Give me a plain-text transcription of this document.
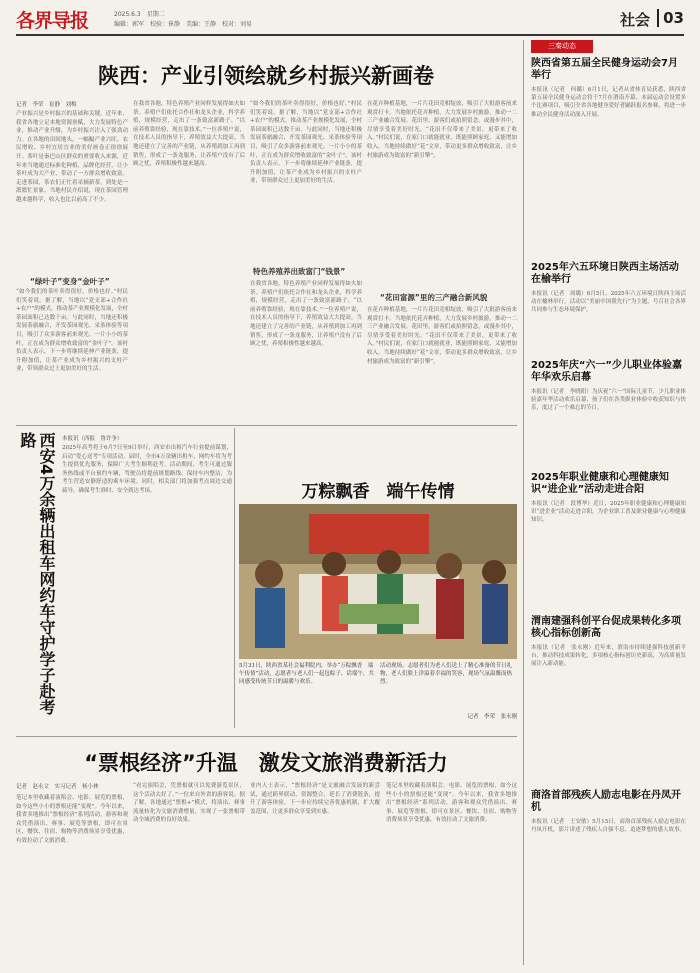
各界导报	2025.6.3　星期二
编辑：郭军　校验：崔静　美编：王静　校对：刘易	社会 03
陕西：产业引领绘就乡村振兴新画卷
记者　李荣　崔静　刘梅
产业振兴是乡村振兴的基础和关键。近年来，我省各地立足本地资源禀赋，大力发展特色产业，推动产业升级，为乡村振兴注入了强劲动力。在各地的田间地头，一幅幅产业兴旺、农民增收、乡村宜居宜业的美好画卷正徐徐展开。茶叶是秦巴山区群众的重要收入来源，近年来当地通过标准化种植、品牌化经营，让小茶叶成为大产业，带动了一方群众增收致富。走进茶园，茶农们正忙着采摘新茶，到处是一派繁忙景象。当地村民介绍说，现在茶园管理越来越科学，收入也比以前高了不少。
“绿叶子”变身“金叶子”
“如今我们的茶叶卖得很好，价格也好。”村民们笑着说。据了解，当地以“党支部+合作社+农户”的模式，推动茶产业规模化发展，全村茶园面积已达数千亩。与此同时，当地还积极发展茶旅融合，开发茶园观光、采茶体验等项目，吸引了众多游客前来观光。一片小小的茶叶，正在成为群众增收致富的“金叶子”。该村负责人表示，下一步将继续延伸产业链条，提升附加值，让茶产业成为乡村振兴的支柱产业，带领群众过上更加美好的生活。
在我省各地，特色养殖产业同样发展得如火如荼。养殖户们依托合作社和龙头企业，科学养殖，规模经营，走出了一条致富新路子。“以前养殖靠经验，现在靠技术。”一位养殖户说，在技术人员的指导下，养殖效益大大提高。当地还建立了完善的产业链，从养殖到加工再到销售，形成了一条龙服务，让养殖户没有了后顾之忧，养殖积极性越来越高。
“如今我们的茶叶卖得很好，价格也好。”村民们笑着说。据了解，当地以“党支部+合作社+农户”的模式，推动茶产业规模化发展，全村茶园面积已达数千亩。与此同时，当地还积极发展茶旅融合，开发茶园观光、采茶体验等项目，吸引了众多游客前来观光。一片小小的茶叶，正在成为群众增收致富的“金叶子”。该村负责人表示，下一步将继续延伸产业链条，提升附加值，让茶产业成为乡村振兴的支柱产业，带领群众过上更加美好的生活。
特色养殖养出致富门“钱景”
在我省各地，特色养殖产业同样发展得如火如荼。养殖户们依托合作社和龙头企业，科学养殖，规模经营，走出了一条致富新路子。“以前养殖靠经验，现在靠技术。”一位养殖户说，在技术人员的指导下，养殖效益大大提高。当地还建立了完善的产业链，从养殖到加工再到销售，形成了一条龙服务，让养殖户没有了后顾之忧，养殖积极性越来越高。
在花卉种植基地，一片片花田竞相绽放，吸引了大批游客前来观赏打卡。当地依托花卉种植，大力发展乡村旅游，推动一二三产业融合发展。花田里，游客们或拍照留念，或漫步其中，尽情享受着美好时光。“花田不仅带来了美景，更带来了收入。”村民们说，在家门口就能就业，既能照顾家庭，又能增加收入。当地持续做好“花”文章，带动更多群众增收致富，让乡村旅游成为致富的“新引擎”。
“花田富源”里的三产融合新风貌
在花卉种植基地，一片片花田竞相绽放，吸引了大批游客前来观赏打卡。当地依托花卉种植，大力发展乡村旅游，推动一二三产业融合发展。花田里，游客们或拍照留念，或漫步其中，尽情享受着美好时光。“花田不仅带来了美景，更带来了收入。”村民们说，在家门口就能就业，既能照顾家庭，又能增加收入。当地持续做好“花”文章，带动更多群众增收致富，让乡村旅游成为致富的“新引擎”。
西安4万余辆出租车网约车守护学子赴考路	本报讯（西报　鲁许争）
2025年高考将于6月7日至9日举行，西安市出租汽车行业提前谋划，启动“爱心送考”专项活动。届时，全市4万余辆出租车、网约车将为考生提供优先服务，保障广大考生顺利赶考。活动期间，考生可通过服务热线或平台预约车辆，驾驶员将提前规划路线、保持车内整洁，为考生营造安静舒适的乘车环境。同时，相关部门将加强考点周边交通疏导，确保考生准时、安全到达考场。	万粽飘香　端午传情
5月31日，陕西省某社会福利院内，举办“万粽飘香　端午传情”活动，志愿者与老人们一起包粽子、话端午，共同感受传统节日的温暖与欢乐。
活动现场，志愿者们为老人们送上了精心准备的节日礼物，老人们脸上洋溢着幸福的笑容，现场气氛温馨而热烈。
记者　李荣　张永刚
“票根经济”升温　激发文旅消费新活力
记者　赵永文　实习记者　杨小林
笔记本里收藏着演唱会、电影、展览的票根，如今这些小小的票根还能“变现”。今年以来，我省多地推出“票根经济”系列活动，游客和观众凭借演出、赛事、展览等票根，即可在景区、餐饮、住宿、购物等消费场景享受优惠，有效拉动了文旅消费。
“看完演唱会，凭票根就可以免费游览景区，这个活动太好了。”一位来自外省的游客说。据了解，各地通过“票根+”模式，将演出、赛事流量转化为文旅消费增量，实现了一张票根带动全城消费的良好效果。
业内人士表示，“票根经济”是文旅融合发展的新尝试，通过跨界联动、资源整合，延长了消费链条，提升了游客体验，下一步应持续完善优惠机制，扩大覆盖范围，让更多群众享受到实惠。
笔记本里收藏着演唱会、电影、展览的票根，如今这些小小的票根还能“变现”。今年以来，我省多地推出“票根经济”系列活动，游客和观众凭借演出、赛事、展览等票根，即可在景区、餐饮、住宿、购物等消费场景享受优惠，有效拉动了文旅消费。
三秦动态
陕西省第五届全民健身运动会7月举行
本报讯（记者　何璐）6月1日，记者从省体育局获悉，陕西省第五届全民健身运动会将于7月在渭南开幕。本届运动会设置多个比赛项目，吸引全省各地健身爱好者踊跃报名参赛，将进一步推动全民健身活动深入开展。
2025年六五环境日陕西主场活动在榆举行
本报讯（记者　周璐）6月5日，2025年六五环境日陕西主场活动在榆林举行。活动以“美丽中国我先行”为主题，号召社会各界共同参与生态环境保护。
2025年庆“六一”少儿职业体验嘉年华欢乐启幕
本报讯（记者　李晓阳）为庆祝“六一”国际儿童节，少儿职业体验嘉年华活动欢乐启幕，孩子们在各类职业体验中收获知识与快乐，度过了一个难忘的节日。
2025年职业健康和心理健康知识“进企业”活动走进合阳
本报讯（记者　段博华）近日，2025年职业健康和心理健康知识“进企业”活动走进合阳，为企业职工普及职业健康与心理健康知识。
渭南建强科创平台促成果转化多项核心指标创新高
本报讯（记者　张永刚）近年来，渭南市持续建强科技创新平台，推动科技成果转化，多项核心指标创历史新高，为高质量发展注入新动能。
商洛首部残疾人励志电影在丹凤开机
本报讯（记者　王安敏）5月15日，商洛首部残疾人励志电影在丹凤开机，影片讲述了残疾人自强不息、追逐梦想的感人故事。
